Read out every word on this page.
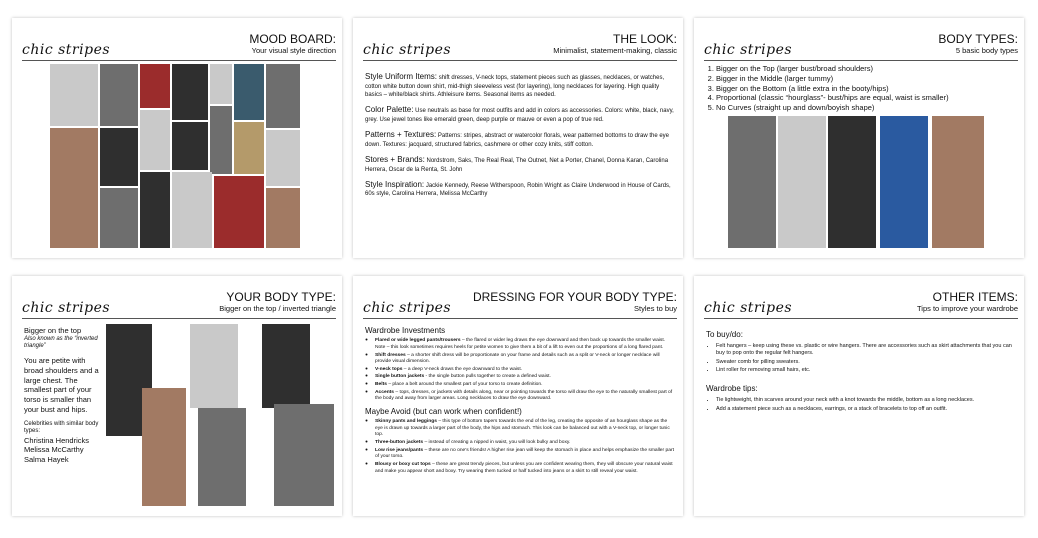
chic stripes
MOOD BOARD:
Your visual style direction chic stripes
THE LOOK:
Minimalist, statement-making, classic

Style Uniform Items: shift dresses, V-neck tops, statement pieces such as glasses, necklaces, or watches, cotton white button down shirt, mid-thigh sleeveless vest (for layering), long necklaces for layering. High quality basics – white/black shirts. Athleisure items. Seasonal items as needed.

Color Palette: Use neutrals as base for most outfits and add in colors as accessories. Colors: white, black, navy, grey. Use jewel tones like emerald green, deep purple or mauve or even a pop of true red.

Patterns + Textures: Patterns: stripes, abstract or watercolor florals, wear patterned bottoms to draw the eye down. Textures: jacquard, structured fabrics, cashmere or other cozy knits, stiff cotton.

Stores + Brands: Nordstrom, Saks, The Real Real, The Outnet, Net a Porter, Chanel, Donna Karan, Carolina Herrera, Oscar de la Renta, St. John

Style Inspiration: Jackie Kennedy, Reese Witherspoon, Robin Wright as Claire Underwood in House of Cards, 60s style, Carolina Herrera, Melissa McCarthy

chic stripes
BODY TYPES:
5 basic body types
1. Bigger on the Top (larger bust/broad shoulders)
2. Bigger in the Middle (larger tummy)
3. Bigger on the Bottom (a little extra in the booty/hips)
4. Proportional (classic “hourglass”- bust/hips are equal, waist is smaller)
5. No Curves (straight up and down/boyish shape)
chic stripes
YOUR BODY TYPE:
Bigger on the top / inverted triangle
Bigger on the top
Also known as the “inverted triangle”
You are petite with broad shoulders and a large chest. The smallest part of your torso is smaller than your bust and hips.
Celebrities with similar body types:
Christina Hendricks
Melissa McCarthy
Salma Hayek
chic stripes
DRESSING FOR YOUR BODY TYPE:
Styles to buy
Wardrobe Investments
◦ Flared or wide legged pants/trousers – the flared or wider leg draws the eye downward and then back up towards the smaller waist. Note – this look sometimes requires heels for petite women to give them a bit of a lift to even out the proportions of a long flared pant.
◦ Shift dresses – a shorter shift dress will be proportionate on your frame and details such as a split or V-neck or longer necklace will provide visual dimension.
◦ V-neck tops – a deep V-neck draws the eye downward to the waist.
◦ Single button jackets - the single button pulls together to create a defined waist.
◦ Belts – place a belt around the smallest part of your torso to create definition.
◦ Accents – tops, dresses, or jackets with details along, near or pointing towards the torso will draw the eye to the naturally smallest part of the body and away from larger areas. Long necklaces to draw the eye downward.
Maybe Avoid (but can work when confident!)
◦ Skinny pants and leggings – this type of bottom tapers towards the end of the leg, creating the opposite of an hourglass shape as the eye is drawn up towards a larger part of the body, the hips and stomach. This look can be balanced out with a V-neck top, or longer tunic top.
◦ Three-button jackets – instead of creating a nipped in waist, you will look bulky and boxy.
◦ Low rise jeans/pants – these are no one’s friends! A higher rise jean will keep the stomach in place and helps emphasize the smaller part of your torso.
◦ Blousy or boxy cut tops – these are great trendy pieces, but unless you are confident wearing them, they will obscure your natural waist and make you appear short and boxy. Try wearing them tucked or half tucked into jeans or a skirt to still reveal your waist.
chic stripes
OTHER ITEMS:
Tips to improve your wardrobe
To buy/do:
• Felt hangers – keep using these vs. plastic or wire hangers. There are accessories such as skirt attachments that you can buy to pop onto the regular felt hangers.
• Sweater comb for pilling sweaters.
• Lint roller for removing small hairs, etc.
Wardrobe tips:
• Tie lightweight, thin scarves around your neck with a knot towards the middle, bottom as a long necklaces.
• Add a statement piece such as a necklaces, earrings, or a stack of bracelets to top off an outfit.
